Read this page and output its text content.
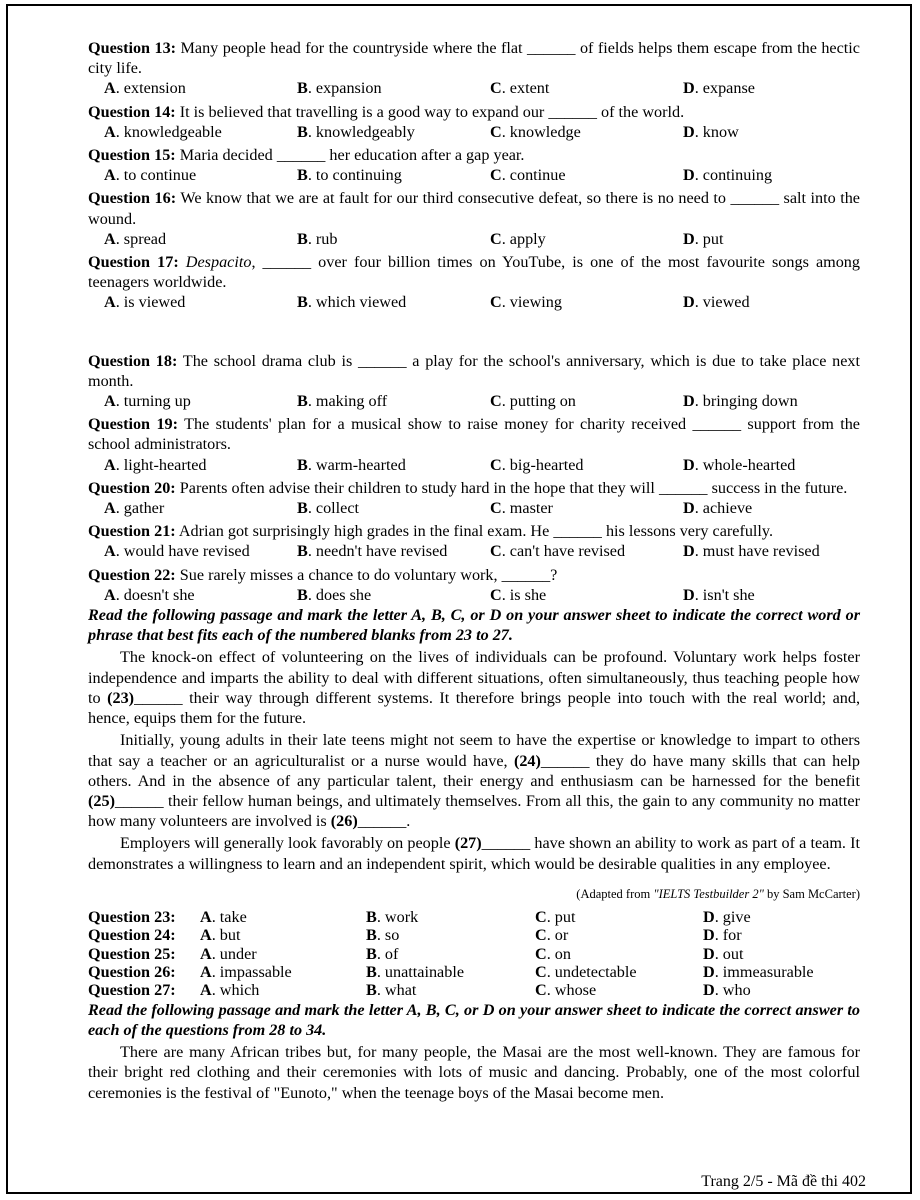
Question 13: Many people head for the countryside where the flat ______ of fields helps them escape from the hectic city life.
A. extension	B. expansion	C. extent	D. expanse
Question 14: It is believed that travelling is a good way to expand our ______ of the world.
A. knowledgeable	B. knowledgeably	C. knowledge	D. know
Question 15: Maria decided ______ her education after a gap year.
A. to continue	B. to continuing	C. continue	D. continuing
Question 16: We know that we are at fault for our third consecutive defeat, so there is no need to ______ salt into the wound.
A. spread	B. rub	C. apply	D. put
Question 17: Despacito, ______ over four billion times on YouTube, is one of the most favourite songs among teenagers worldwide.
A. is viewed	B. which viewed	C. viewing	D. viewed
Question 18: The school drama club is ______ a play for the school's anniversary, which is due to take place next month.
A. turning up	B. making off	C. putting on	D. bringing down
Question 19: The students' plan for a musical show to raise money for charity received ______ support from the school administrators.
A. light-hearted	B. warm-hearted	C. big-hearted	D. whole-hearted
Question 20: Parents often advise their children to study hard in the hope that they will ______ success in the future.
A. gather	B. collect	C. master	D. achieve
Question 21: Adrian got surprisingly high grades in the final exam. He ______ his lessons very carefully.
A. would have revised	B. needn't have revised	C. can't have revised	D. must have revised
Question 22: Sue rarely misses a chance to do voluntary work, ______?
A. doesn't she	B. does she	C. is she	D. isn't she
Read the following passage and mark the letter A, B, C, or D on your answer sheet to indicate the correct word or phrase that best fits each of the numbered blanks from 23 to 27.
The knock-on effect of volunteering on the lives of individuals can be profound. Voluntary work helps foster independence and imparts the ability to deal with different situations, often simultaneously, thus teaching people how to (23)______ their way through different systems. It therefore brings people into touch with the real world; and, hence, equips them for the future.
Initially, young adults in their late teens might not seem to have the expertise or knowledge to impart to others that say a teacher or an agriculturalist or a nurse would have, (24)______ they do have many skills that can help others. And in the absence of any particular talent, their energy and enthusiasm can be harnessed for the benefit (25)______ their fellow human beings, and ultimately themselves. From all this, the gain to any community no matter how many volunteers are involved is (26)______.
Employers will generally look favorably on people (27)______ have shown an ability to work as part of a team. It demonstrates a willingness to learn and an independent spirit, which would be desirable qualities in any employee.
(Adapted from "IELTS Testbuilder 2" by Sam McCarter)
Question 23:	A. take	B. work	C. put	D. give
Question 24:	A. but	B. so	C. or	D. for
Question 25:	A. under	B. of	C. on	D. out
Question 26:	A. impassable	B. unattainable	C. undetectable	D. immeasurable
Question 27:	A. which	B. what	C. whose	D. who
Read the following passage and mark the letter A, B, C, or D on your answer sheet to indicate the correct answer to each of the questions from 28 to 34.
There are many African tribes but, for many people, the Masai are the most well-known. They are famous for their bright red clothing and their ceremonies with lots of music and dancing. Probably, one of the most colorful ceremonies is the festival of "Eunoto," when the teenage boys of the Masai become men.
Trang 2/5 - Mã đề thi 402
